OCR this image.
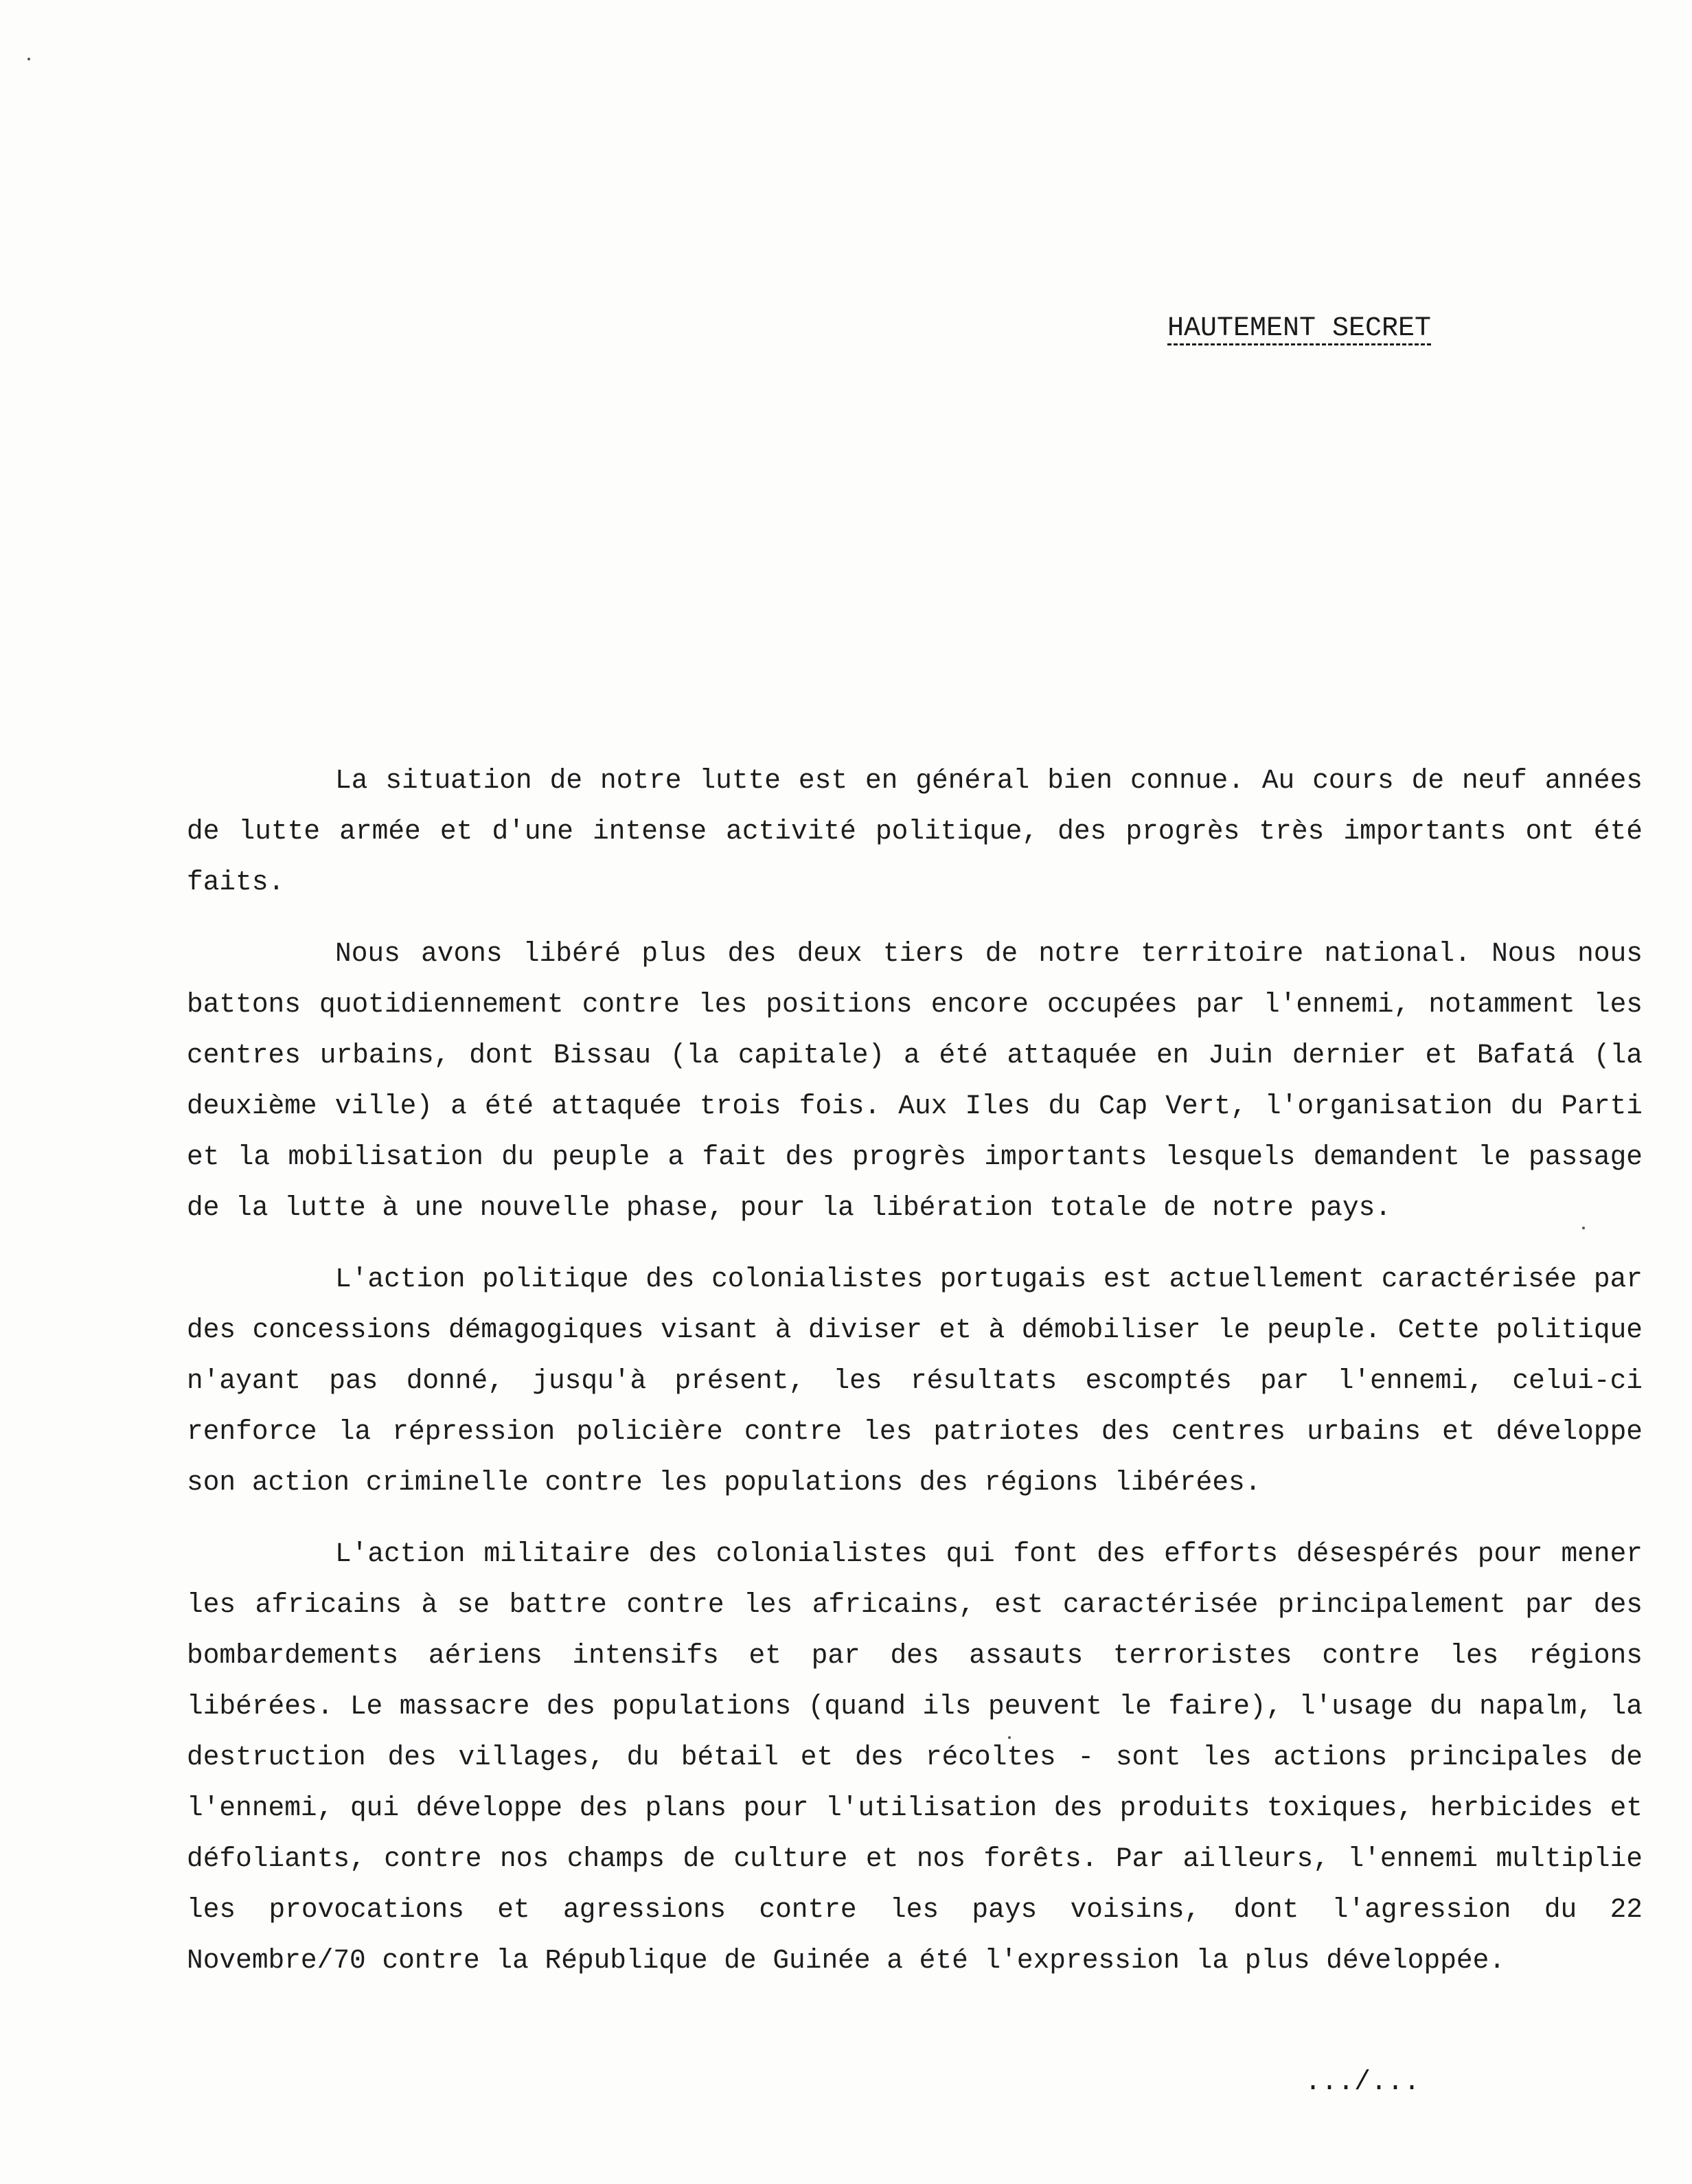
HAUTEMENT SECRET

La situation de notre lutte est en général bien connue. Au cours de neuf années de lutte armée et d'une intense activité politique, des progrès très importants ont été faits.

Nous avons libéré plus des deux tiers de notre territoire national. Nous nous battons quotidiennement contre les positions encore occupées par l'ennemi, notamment les centres urbains, dont Bissau (la capitale) a été attaquée en Juin dernier et Bafatá (la deuxième ville) a été attaquée trois fois. Aux Iles du Cap Vert, l'organisation du Parti et la mobilisation du peuple a fait des progrès importants lesquels demandent le passage de la lutte à une nouvelle phase, pour la libération totale de notre pays.

L'action politique des colonialistes portugais est actuellement caractérisée par des concessions démagogiques visant à diviser et à démobiliser le peuple. Cette politique n'ayant pas donné, jusqu'à présent, les résultats escomptés par l'ennemi, celui-ci renforce la répression policière contre les patriotes des centres urbains et développe son action criminelle contre les populations des régions libérées.

L'action militaire des colonialistes qui font des efforts désespérés pour mener les africains à se battre contre les africains, est caractérisée principalement par des bombardements aériens intensifs et par des assauts terroristes contre les régions libérées. Le massacre des populations (quand ils peuvent le faire), l'usage du napalm, la destruction des villages, du bétail et des récoltes - sont les actions principales de l'ennemi, qui développe des plans pour l'utilisation des produits toxiques, herbicides et défoliants, contre nos champs de culture et nos forêts. Par ailleurs, l'ennemi multiplie les provocations et agressions contre les pays voisins, dont l'agression du 22 Novembre/70 contre la République de Guinée a été l'expression la plus développée.

.../...
